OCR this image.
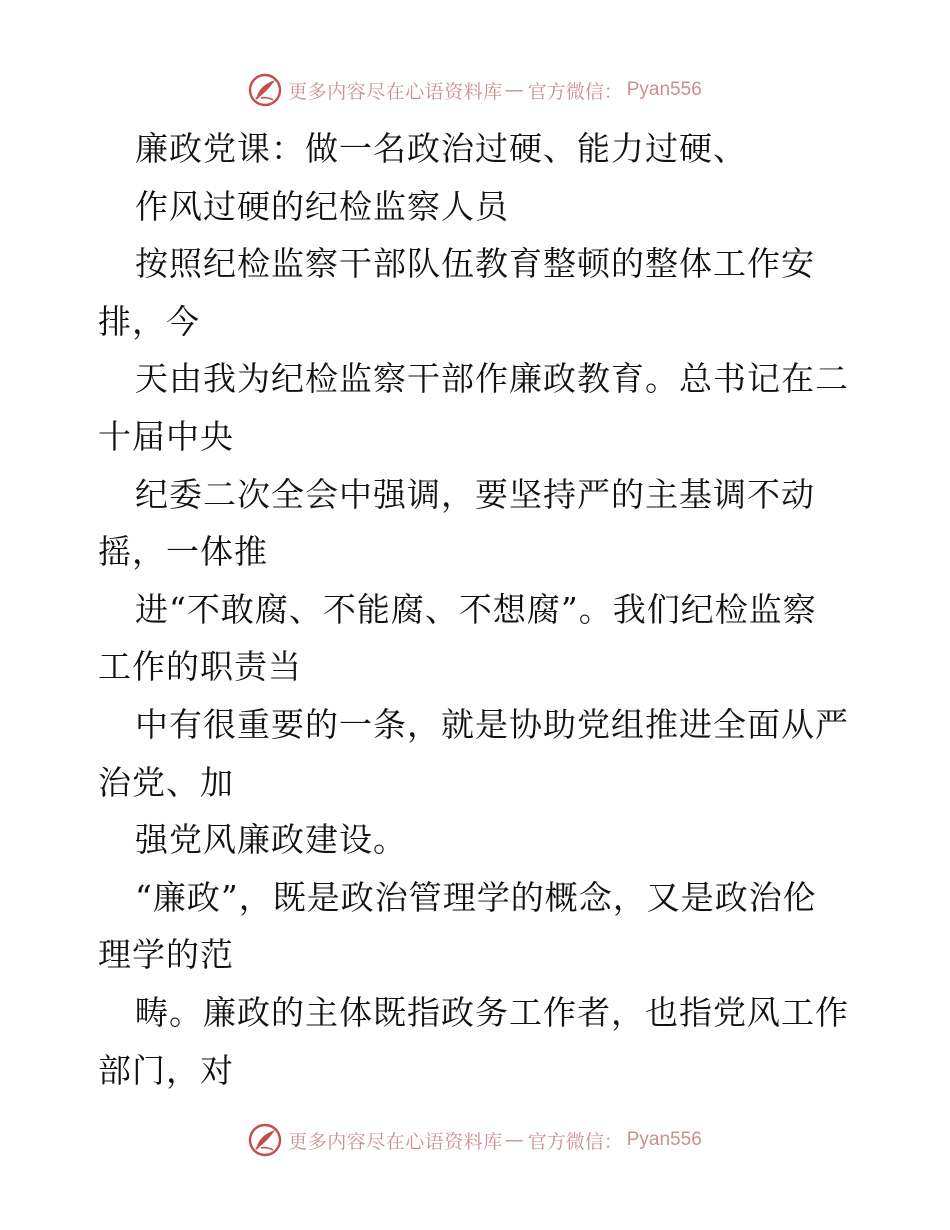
更多内容尽在心语资料库 — 官方微信： Pyan556
廉政党课：做一名政治过硬、能力过硬、
作风过硬的纪检监察人员
按照纪检监察干部队伍教育整顿的整体工作安
排，今
天由我为纪检监察干部作廉政教育。总书记在二
十届中央
纪委二次全会中强调，要坚持严的主基调不动
摇，一体推
进“不敢腐、不能腐、不想腐”。我们纪检监察
工作的职责当
中有很重要的一条，就是协助党组推进全面从严
治党、加
强党风廉政建设。
“廉政”，既是政治管理学的概念，又是政治伦
理学的范
畴。廉政的主体既指政务工作者，也指党风工作
部门，对
更多内容尽在心语资料库 — 官方微信： Pyan556
